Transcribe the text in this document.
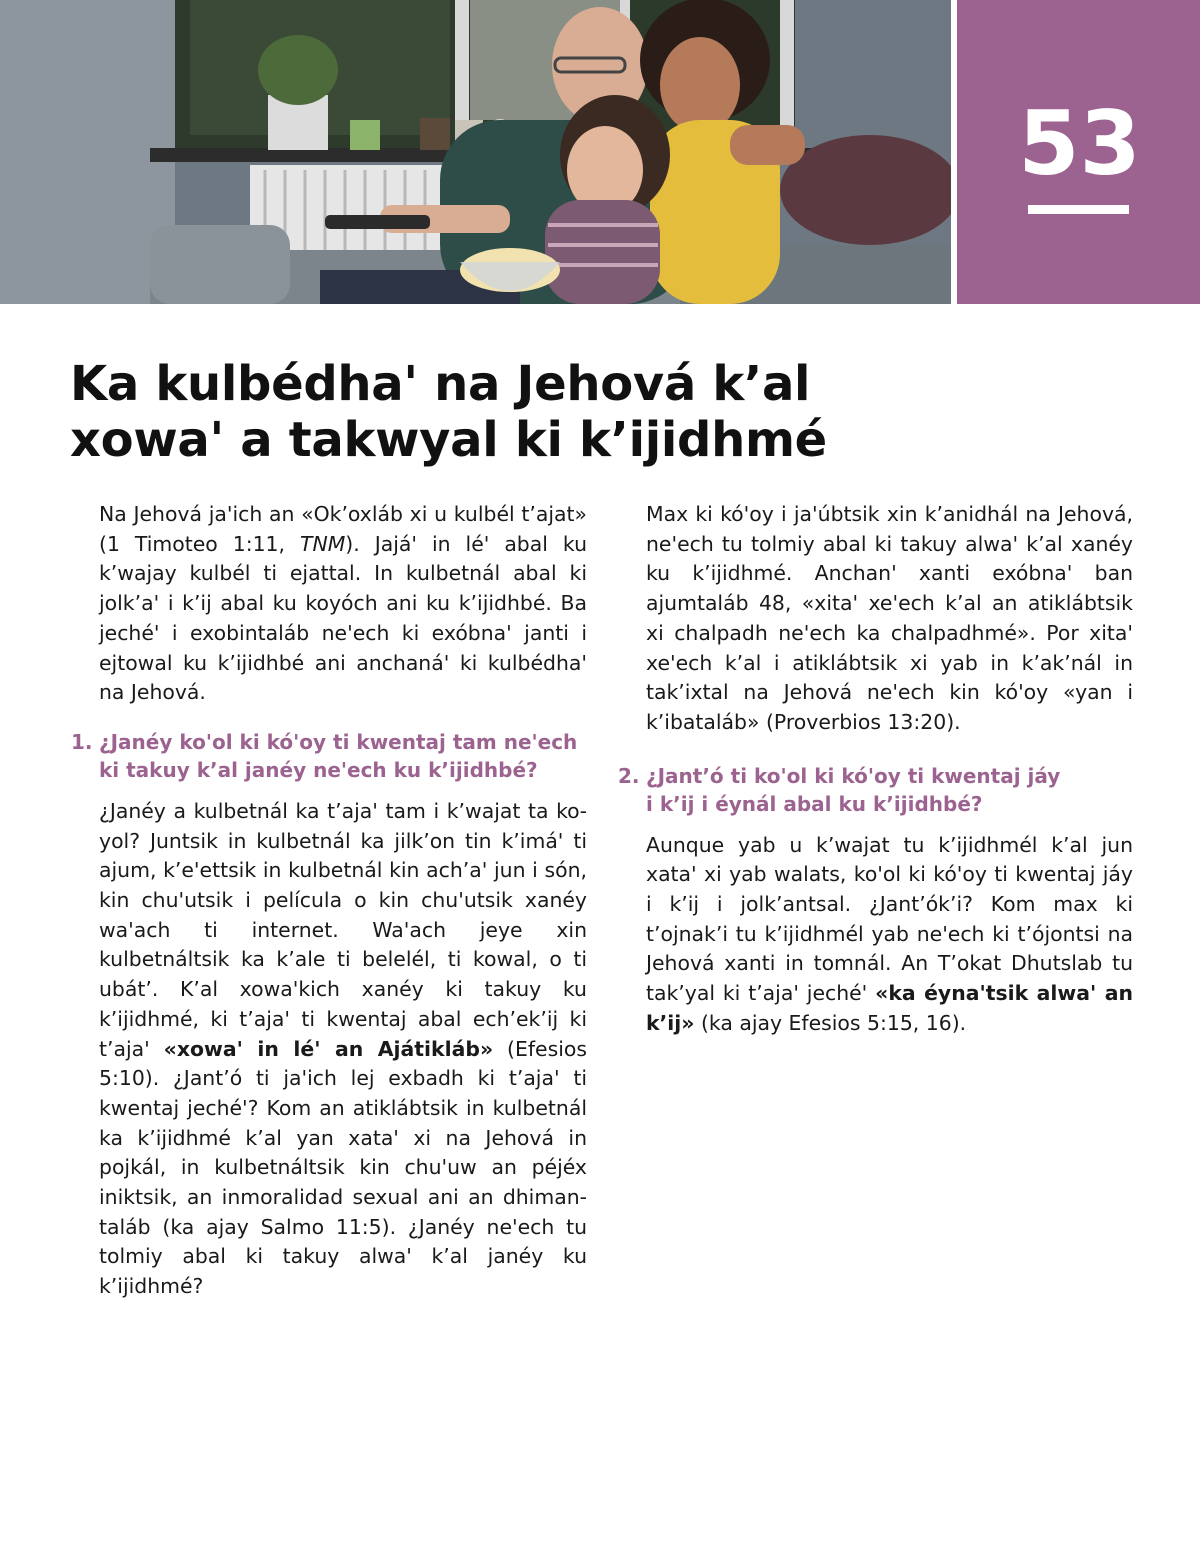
53
Ka kulbédha' na Jehová k’al
xowa' a takwyal ki k’ijidhmé

Na Jehová ja'ich an «Ok’oxláb xi u kulbél t’ajat» (1 Timoteo 1:11, TNM). Jajá' in lé' abal ku k’wajay kulbél ti ejattal. In kulbetnál abal ki jolk’a' i k’ij abal ku koyóch ani ku k’ijidhbé. Ba jeché' i exobintaláb ne'ech ki exóbna' janti i ejtowal ku k’ijidhbé ani anchaná' ki kulbédha' na Jehová.

1. ¿Janéy ko'ol ki kó'oy ti kwentaj tam ne'ech
ki takuy k’al janéy ne'ech ku k’ijidhbé?

¿Janéy a kulbetnál ka t’aja' tam i k’wajat ta koyol? Juntsik in kulbetnál ka jilk’on tin k’imá' ti ajum, k’e'ettsik in kulbetnál kin ach’a' jun i són, kin chu'utsik i película o kin chu'utsik xanéy wa'ach ti internet. Wa'ach jeye xin kulbetnáltsik ka k’ale ti belelél, ti kowal, o ti ubát’. K’al xowa'kich xanéy ki takuy ku k’ijidhmé, ki t’aja' ti kwentaj abal ech’ek’ij ki t’aja' «xowa' in lé' an Ajátikláb» (Efesios 5:10). ¿Jant’ó ti ja'ich lej exbadh ki t’aja' ti kwentaj jeché'? Kom an atiklábtsik in kulbetnál ka k’ijidhmé k’al yan xata' xi na Jehová in pojkál, in kulbetnáltsik kin chu'uw an péjéx iniktsik, an inmoralidad sexual ani an dhimantaláb (ka ajay Salmo 11:5). ¿Janéy ne'ech tu tolmiy abal ki takuy alwa' k’al janéy ku k’ijidhmé?

Max ki kó'oy i ja'úbtsik xin k’anidhál na Jehová, ne'ech tu tolmiy abal ki takuy alwa' k’al xanéy ku k’ijidhmé. Anchan' xanti exóbna' ban ajumtaláb 48, «xita' xe'ech k’al an atiklábtsik xi chalpadh ne'ech ka chalpadhmé». Por xita' xe'ech k’al i atiklábtsik xi yab in k’ak’nál in tak’ixtal na Jehová ne'ech kin kó'oy «yan i k’ibataláb» (Proverbios 13:20).

2. ¿Jant’ó ti ko'ol ki kó'oy ti kwentaj jáy
i k’ij i éynál abal ku k’ijidhbé?

Aunque yab u k’wajat tu k’ijidhmél k’al jun xata' xi yab walats, ko'ol ki kó'oy ti kwentaj jáy i k’ij i jolk’antsal. ¿Jant’ók’i? Kom max ki t’ojnak’i tu k’ijidhmél yab ne'ech ki t’ójontsi na Jehová xanti in tomnál. An T’okat Dhutslab tu tak’yal ki t’aja' jeché' «ka éyna'tsik alwa' an k’ij» (ka ajay Efesios 5:15, 16).
